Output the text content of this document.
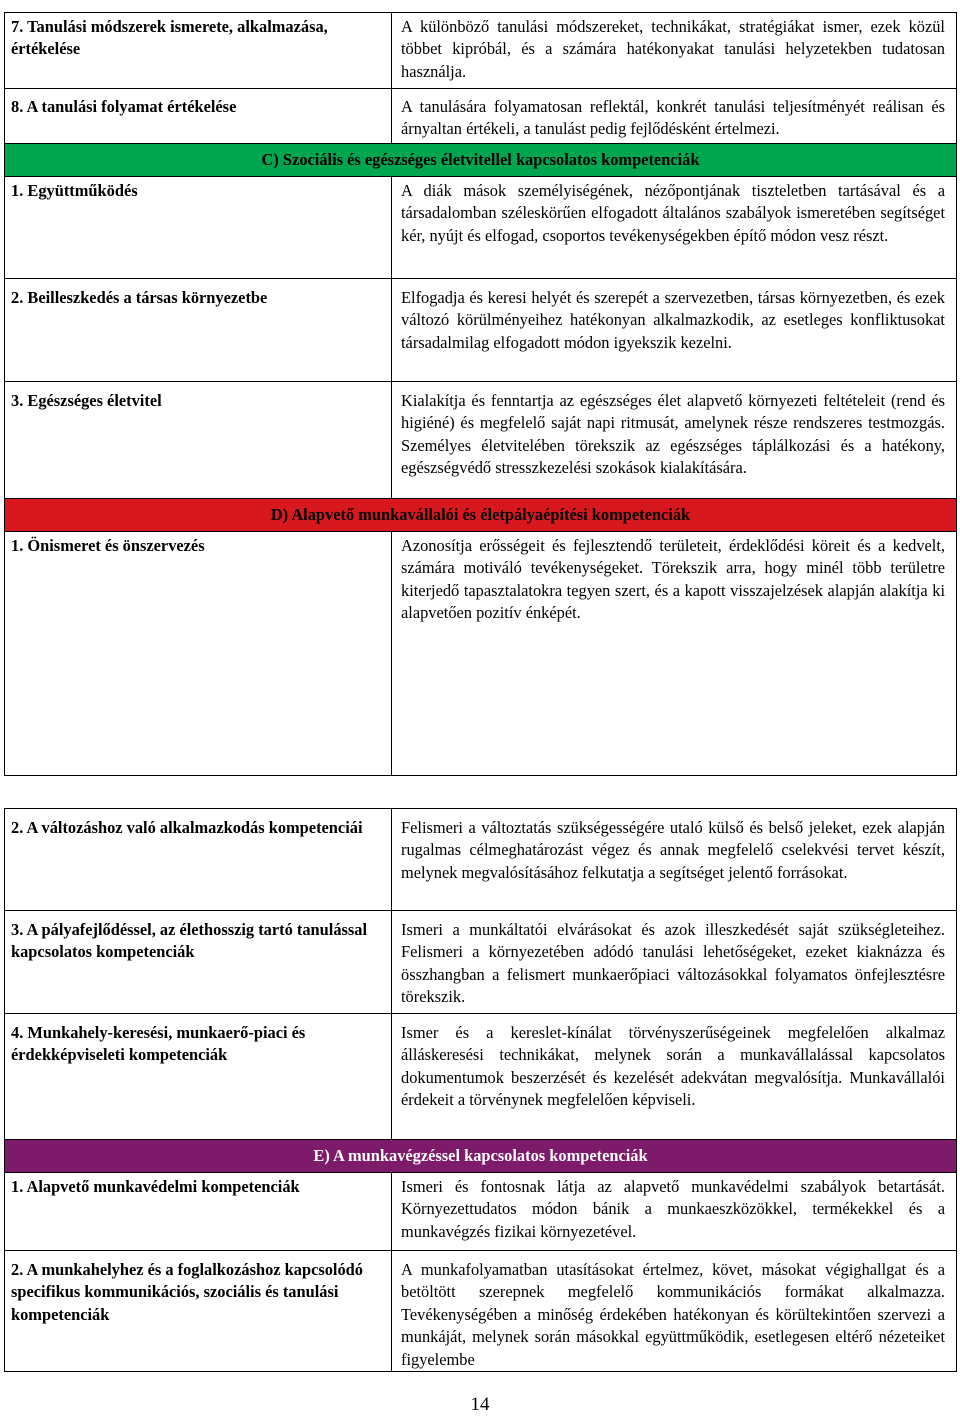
7. Tanulási módszerek ismerete, alkalmazása, értékelése	A különböző tanulási módszereket, technikákat, stratégiákat ismer, ezek közül többet kipróbál, és a számára hatékonyakat tanulási helyzetekben tudatosan használja.
8. A tanulási folyamat értékelése	A tanulására folyamatosan reflektál, konkrét tanulási teljesítményét reálisan és árnyaltan értékeli, a tanulást pedig fejlődésként értelmezi.
C) Szociális és egészséges életvitellel kapcsolatos kompetenciák	
1. Együttműködés	A diák mások személyiségének, nézőpontjának tiszteletben tartásával és a társadalomban széleskörűen elfogadott általános szabályok ismeretében segítséget kér, nyújt és elfogad, csoportos tevékenységekben építő módon vesz részt.
2. Beilleszkedés a társas környezetbe	Elfogadja és keresi helyét és szerepét a szervezetben, társas környezetben, és ezek változó körülményeihez hatékonyan alkalmazkodik, az esetleges konfliktusokat társadalmilag elfogadott módon igyekszik kezelni.
3. Egészséges életvitel	Kialakítja és fenntartja az egészséges élet alapvető környezeti feltételeit (rend és higiéné) és megfelelő saját napi ritmusát, amelynek része rendszeres testmozgás. Személyes életvitelében törekszik az egészséges táplálkozási és a hatékony, egészségvédő stresszkezelési szokások kialakítására.
D) Alapvető munkavállalói és életpályaépítési kompetenciák	
1. Önismeret és önszervezés	Azonosítja erősségeit és fejlesztendő területeit, érdeklődési köreit és a kedvelt, számára motiváló tevékenységeket. Törekszik arra, hogy minél több területre kiterjedő tapasztalatokra tegyen szert, és a kapott visszajelzések alapján alakítja ki alapvetően pozitív énképét.
2. A változáshoz való alkalmazkodás kompetenciái	Felismeri a változtatás szükségességére utaló külső és belső jeleket, ezek alapján rugalmas célmeghatározást végez és annak megfelelő cselekvési tervet készít, melynek megvalósításához felkutatja a segítséget jelentő forrásokat.
3. A pályafejlődéssel, az élethosszig tartó tanulással kapcsolatos kompetenciák	Ismeri a munkáltatói elvárásokat és azok illeszkedését saját szükségleteihez. Felismeri a környezetében adódó tanulási lehetőségeket, ezeket kiaknázza és összhangban a felismert munkaerőpiaci változásokkal folyamatos önfejlesztésre törekszik.
4. Munkahely-keresési, munkaerő-piaci és érdekképviseleti kompetenciák	Ismer és a kereslet-kínálat törvényszerűségeinek megfelelően alkalmaz álláskeresési technikákat, melynek során a munkavállalással kapcsolatos dokumentumok beszerzését és kezelését adekvátan megvalósítja. Munkavállalói érdekeit a törvénynek megfelelően képviseli.
E) A munkavégzéssel kapcsolatos kompetenciák	
1. Alapvető munkavédelmi kompetenciák	Ismeri és fontosnak látja az alapvető munkavédelmi szabályok betartását. Környezettudatos módon bánik a munkaeszközökkel, termékekkel és a munkavégzés fizikai környezetével.
2. A munkahelyhez és a foglalkozáshoz kapcsolódó specifikus kommunikációs, szociális és tanulási kompetenciák	A munkafolyamatban utasításokat értelmez, követ, másokat végighallgat és a betöltött szerepnek megfelelő kommunikációs formákat alkalmazza. Tevékenységében a minőség érdekében hatékonyan és körültekintően szervezi a munkáját, melynek során másokkal együttműködik, esetlegesen eltérő nézeteiket figyelembe
14
